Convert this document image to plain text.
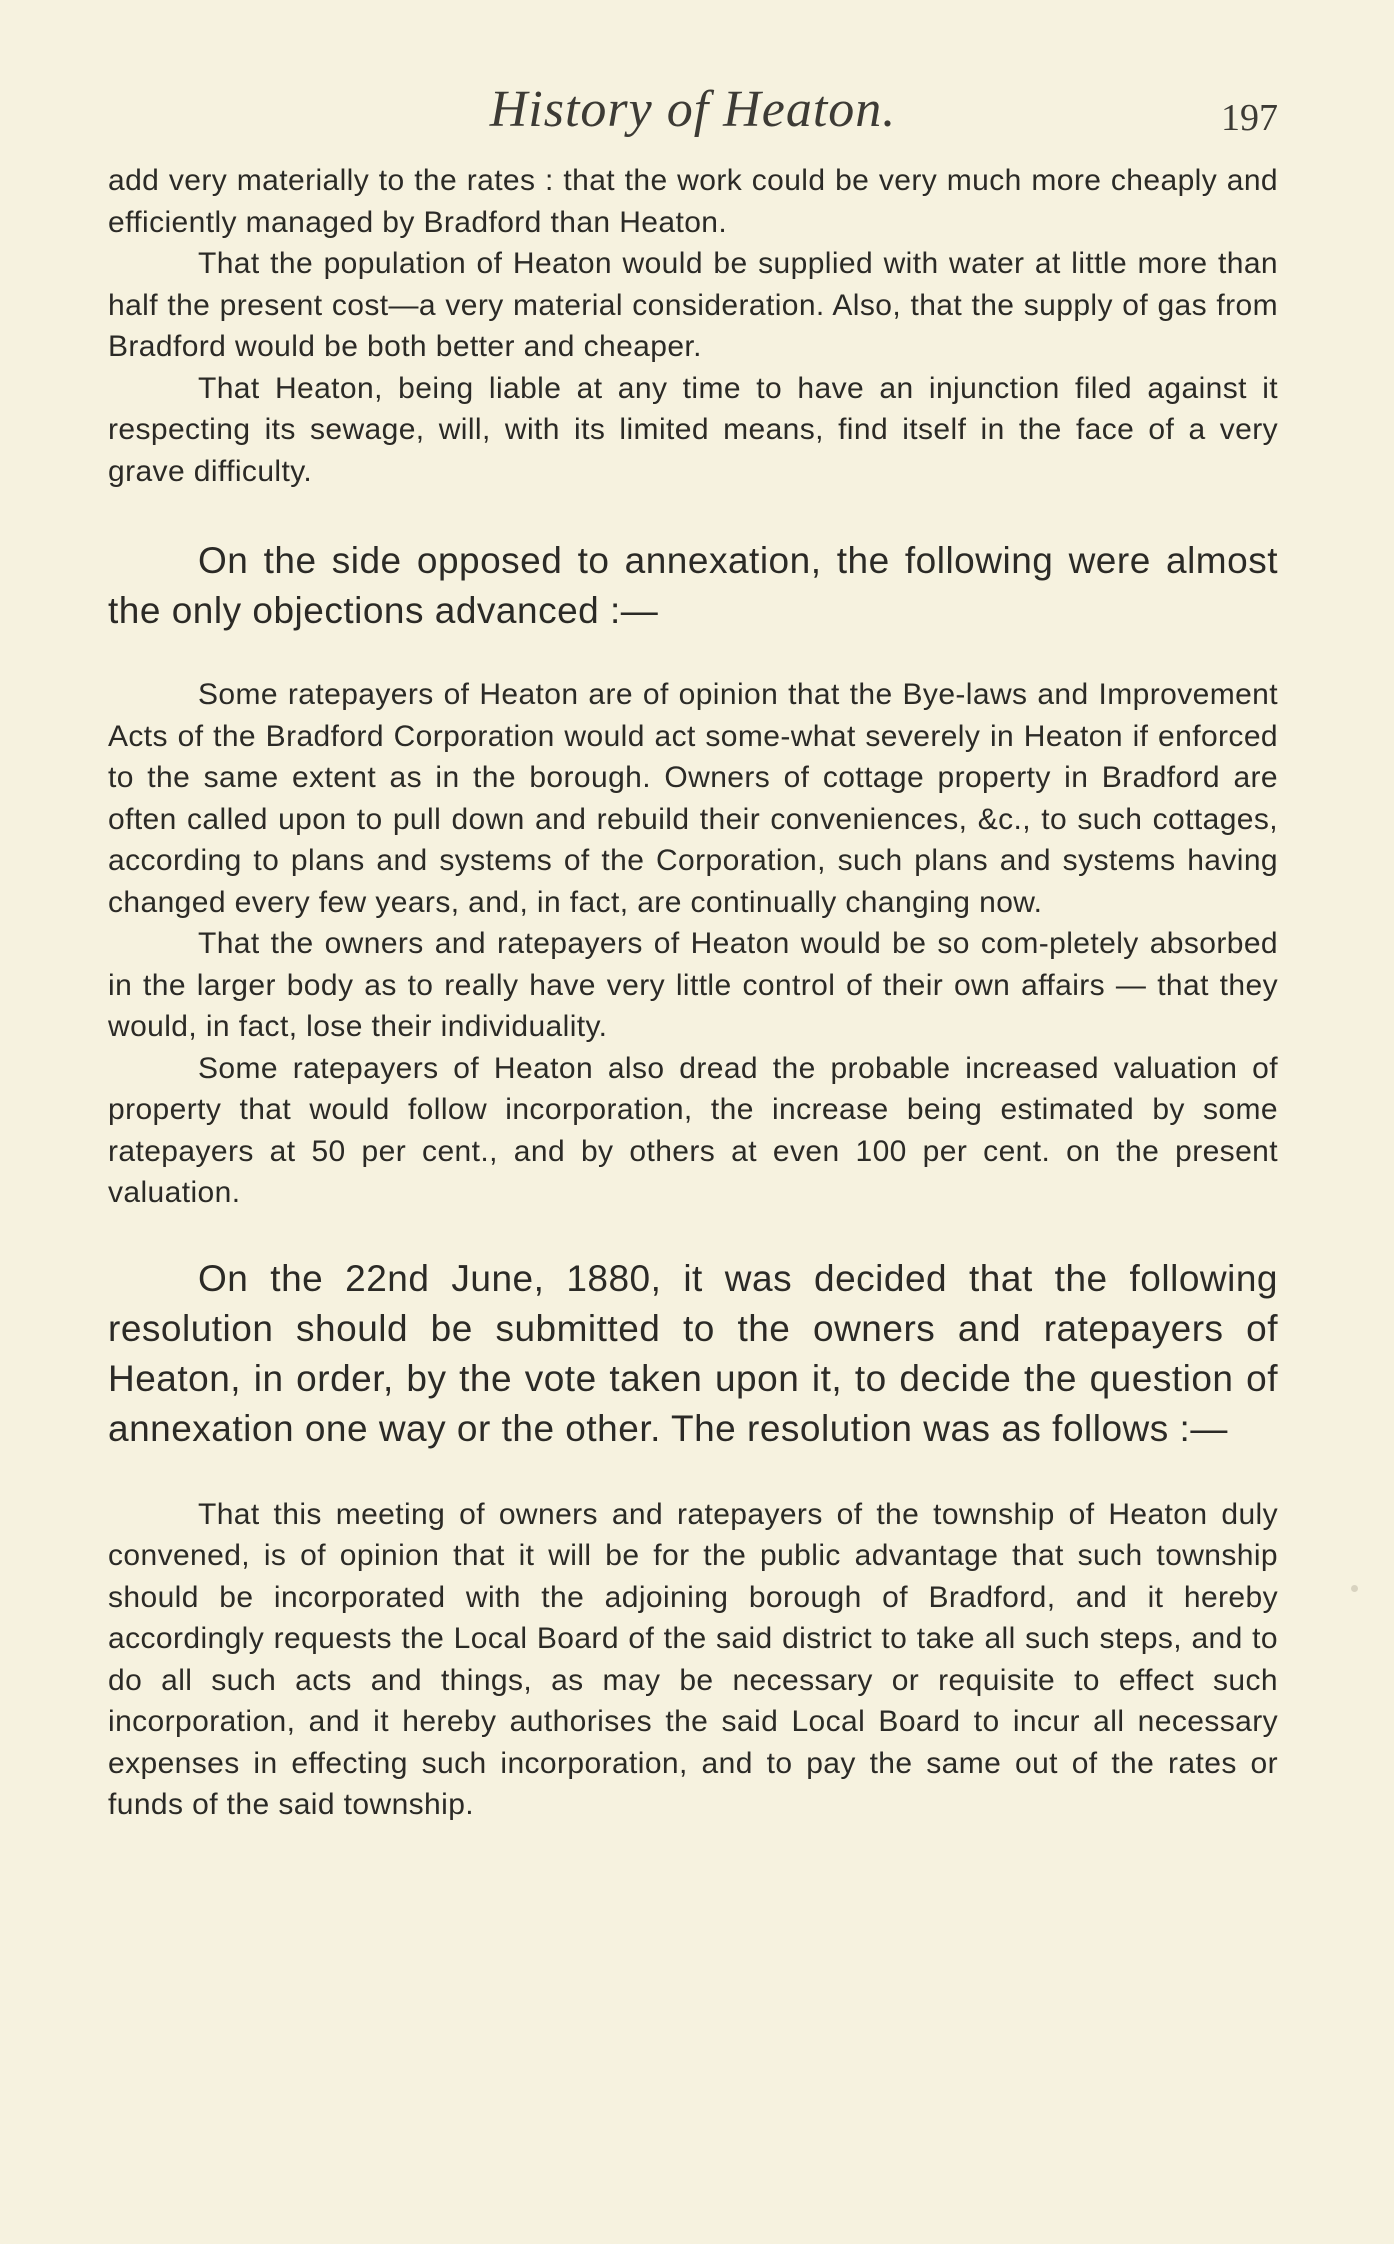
History of Heaton.	197

add very materially to the rates : that the work could be very much more cheaply and efficiently managed by Bradford than Heaton.

That the population of Heaton would be supplied with water at little more than half the present cost—a very material consideration. Also, that the supply of gas from Bradford would be both better and cheaper.

That Heaton, being liable at any time to have an injunction filed against it respecting its sewage, will, with its limited means, find itself in the face of a very grave difficulty.

On the side opposed to annexation, the following were almost the only objections advanced :—

Some ratepayers of Heaton are of opinion that the Bye-laws and Improvement Acts of the Bradford Corporation would act some-what severely in Heaton if enforced to the same extent as in the borough. Owners of cottage property in Bradford are often called upon to pull down and rebuild their conveniences, &c., to such cottages, according to plans and systems of the Corporation, such plans and systems having changed every few years, and, in fact, are continually changing now.

That the owners and ratepayers of Heaton would be so com-pletely absorbed in the larger body as to really have very little control of their own affairs — that they would, in fact, lose their individuality.

Some ratepayers of Heaton also dread the probable increased valuation of property that would follow incorporation, the increase being estimated by some ratepayers at 50 per cent., and by others at even 100 per cent. on the present valuation.

On the 22nd June, 1880, it was decided that the following resolution should be submitted to the owners and ratepayers of Heaton, in order, by the vote taken upon it, to decide the question of annexation one way or the other. The resolution was as follows :—

That this meeting of owners and ratepayers of the township of Heaton duly convened, is of opinion that it will be for the public advantage that such township should be incorporated with the adjoining borough of Bradford, and it hereby accordingly requests the Local Board of the said district to take all such steps, and to do all such acts and things, as may be necessary or requisite to effect such incorporation, and it hereby authorises the said Local Board to incur all necessary expenses in effecting such incorporation, and to pay the same out of the rates or funds of the said township.
